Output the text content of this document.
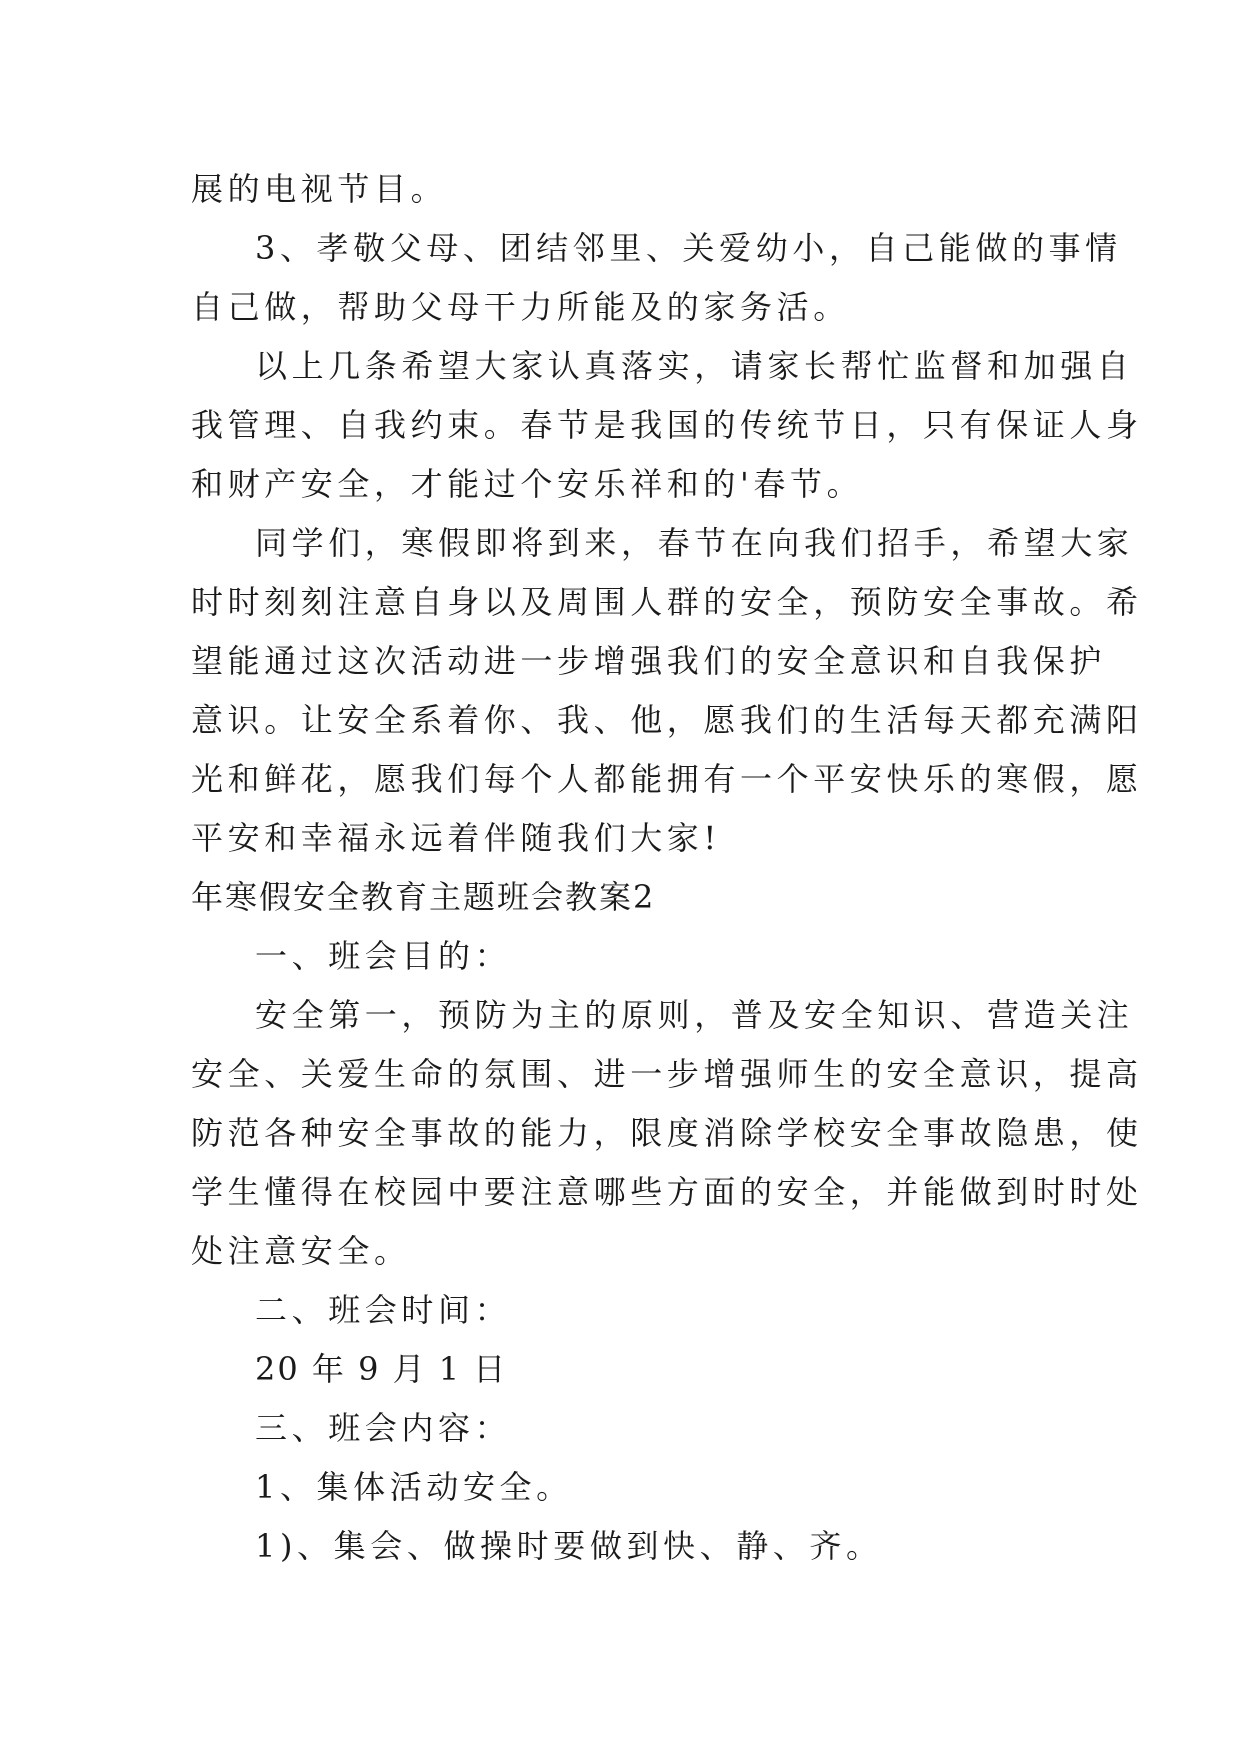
展的电视节目。
3、孝敬父母、团结邻里、关爱幼小，自己能做的事情
自己做，帮助父母干力所能及的家务活。
以上几条希望大家认真落实，请家长帮忙监督和加强自
我管理、自我约束。春节是我国的传统节日，只有保证人身
和财产安全，才能过个安乐祥和的'春节。
同学们，寒假即将到来，春节在向我们招手，希望大家
时时刻刻注意自身以及周围人群的安全，预防安全事故。希
望能通过这次活动进一步增强我们的安全意识和自我保护
意识。让安全系着你、我、他，愿我们的生活每天都充满阳
光和鲜花，愿我们每个人都能拥有一个平安快乐的寒假，愿
平安和幸福永远着伴随我们大家!
年寒假安全教育主题班会教案2
一、班会目的：
安全第一，预防为主的原则，普及安全知识、营造关注
安全、关爱生命的氛围、进一步增强师生的安全意识，提高
防范各种安全事故的能力，限度消除学校安全事故隐患，使
学生懂得在校园中要注意哪些方面的安全，并能做到时时处
处注意安全。
二、班会时间：
20 年 9 月 1 日
三、班会内容：
1、集体活动安全。
1)、集会、做操时要做到快、静、齐。
